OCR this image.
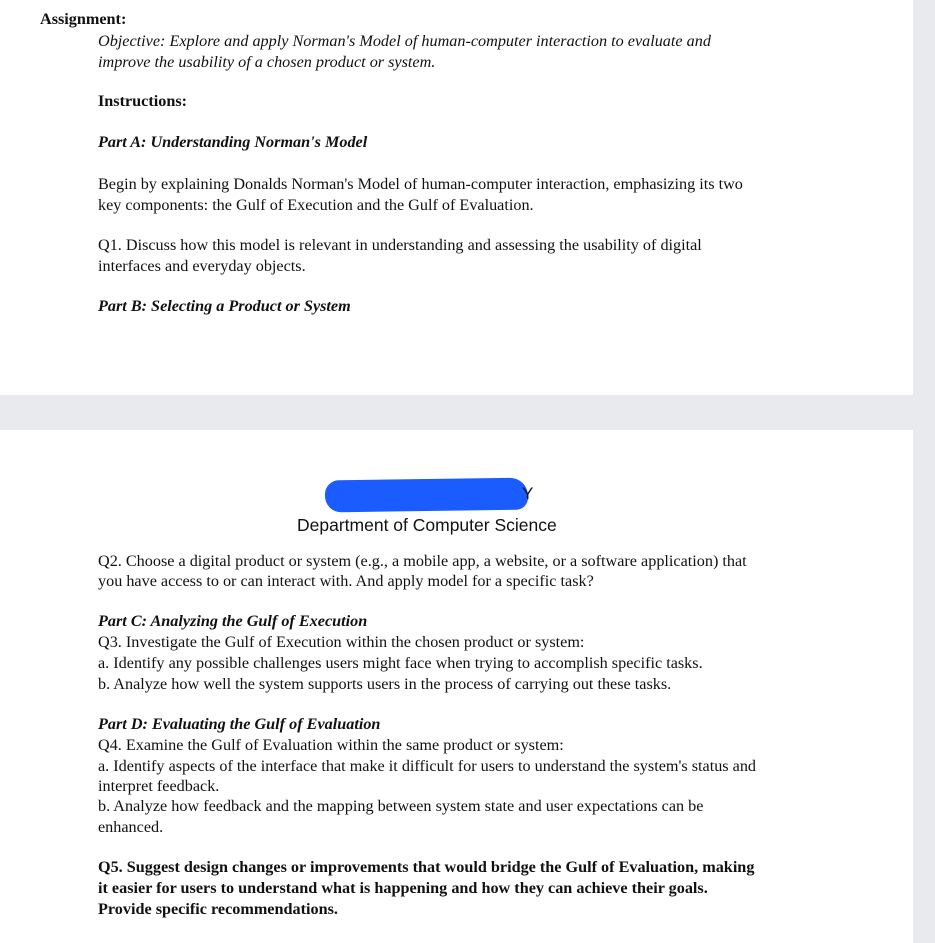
Assignment:
Objective: Explore and apply Norman's Model of human-computer interaction to evaluate and
improve the usability of a chosen product or system.
Instructions:
Part A: Understanding Norman's Model
Begin by explaining Donalds Norman's Model of human-computer interaction, emphasizing its two
key components: the Gulf of Execution and the Gulf of Evaluation.
Q1. Discuss how this model is relevant in understanding and assessing the usability of digital
interfaces and everyday objects.
Part B: Selecting a Product or System
Y
Department of Computer Science
Q2. Choose a digital product or system (e.g., a mobile app, a website, or a software application) that
you have access to or can interact with. And apply model for a specific task?
Part C: Analyzing the Gulf of Execution
Q3. Investigate the Gulf of Execution within the chosen product or system:
a. Identify any possible challenges users might face when trying to accomplish specific tasks.
b. Analyze how well the system supports users in the process of carrying out these tasks.
Part D: Evaluating the Gulf of Evaluation
Q4. Examine the Gulf of Evaluation within the same product or system:
a. Identify aspects of the interface that make it difficult for users to understand the system's status and
interpret feedback.
b. Analyze how feedback and the mapping between system state and user expectations can be
enhanced.
Q5. Suggest design changes or improvements that would bridge the Gulf of Evaluation, making
it easier for users to understand what is happening and how they can achieve their goals.
Provide specific recommendations.
